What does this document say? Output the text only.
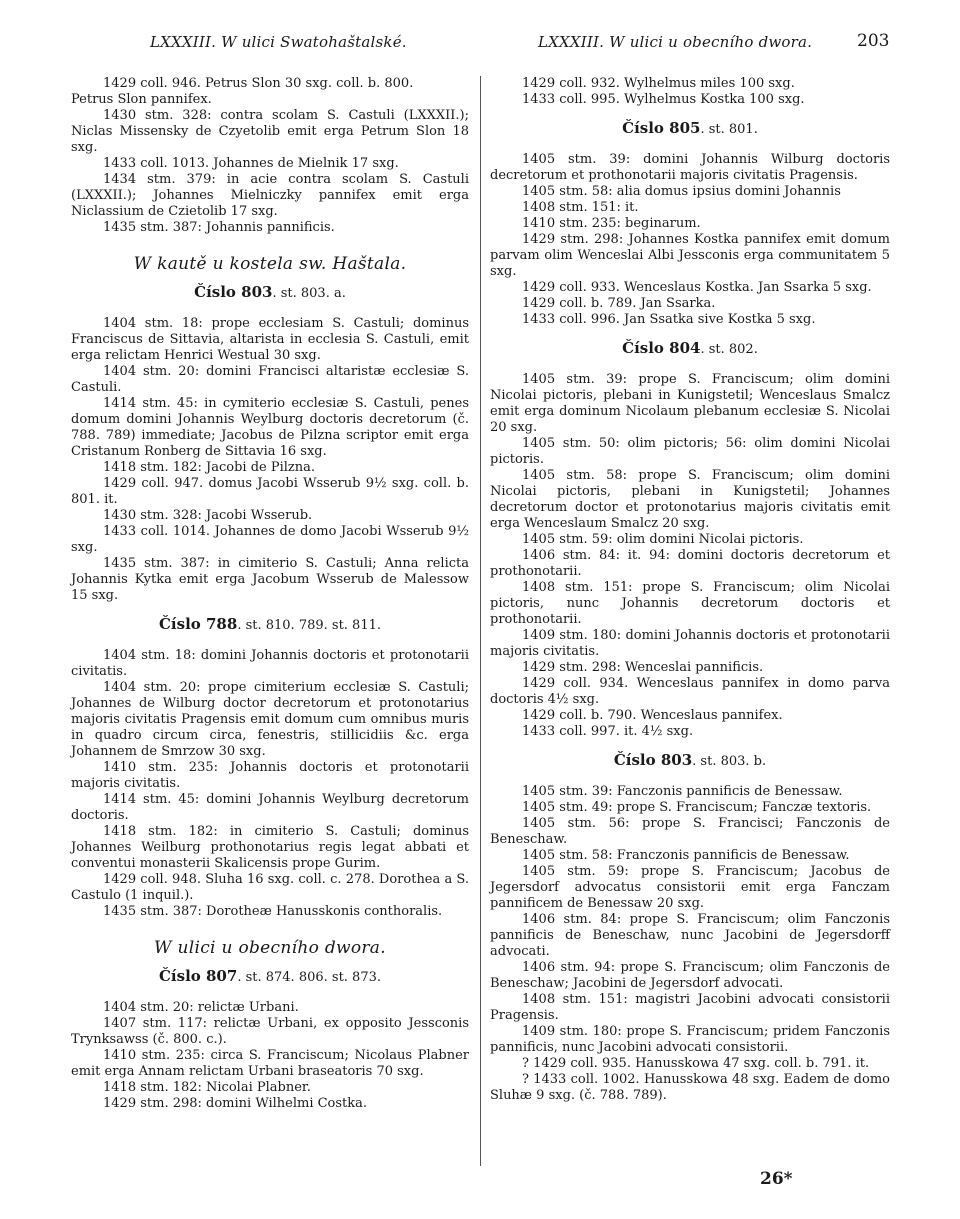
LXXXIII. W ulici Swatohaštalské.	LXXXIII. W ulici u obecního dwora.	203

1429 coll. 946. Petrus Slon 30 sxg. coll. b. 800.

Petrus Slon pannifex.

1430 stm. 328: contra scolam S. Castuli (LXXXII.); Niclas Missensky de Czyetolib emit erga Petrum Slon 18 sxg.

1433 coll. 1013. Johannes de Mielnik 17 sxg.

1434 stm. 379: in acie contra scolam S. Castuli (LXXXII.); Johannes Mielniczky pannifex emit erga Niclassium de Czietolib 17 sxg.

1435 stm. 387: Johannis pannificis.

W kautě u kostela sw. Haštala.
Číslo 803. st. 803. a.

1404 stm. 18: prope ecclesiam S. Castuli; dominus Franciscus de Sittavia, altarista in ecclesia S. Castuli, emit erga relictam Henrici Westual 30 sxg.

1404 stm. 20: domini Francisci altaristæ ecclesiæ S. Castuli.

1414 stm. 45: in cymiterio ecclesiæ S. Castuli, penes domum domini Johannis Weylburg doctoris decretorum (č. 788. 789) immediate; Jacobus de Pilzna scriptor emit erga Cristanum Ronberg de Sittavia 16 sxg.

1418 stm. 182: Jacobi de Pilzna.

1429 coll. 947. domus Jacobi Wsserub 9½ sxg. coll. b. 801. it.

1430 stm. 328: Jacobi Wsserub.

1433 coll. 1014. Johannes de domo Jacobi Wsserub 9½ sxg.

1435 stm. 387: in cimiterio S. Castuli; Anna relicta Johannis Kytka emit erga Jacobum Wsserub de Malessow 15 sxg.

Číslo 788. st. 810. 789. st. 811.

1404 stm. 18: domini Johannis doctoris et protonotarii civitatis.

1404 stm. 20: prope cimiterium ecclesiæ S. Castuli; Johannes de Wilburg doctor decretorum et protonotarius majoris civitatis Pragensis emit domum cum omnibus muris in quadro circum circa, fenestris, stillicidiis &c. erga Johannem de Smrzow 30 sxg.

1410 stm. 235: Johannis doctoris et protonotarii majoris civitatis.

1414 stm. 45: domini Johannis Weylburg decretorum doctoris.

1418 stm. 182: in cimiterio S. Castuli; dominus Johannes Weilburg prothonotarius regis legat abbati et conventui monasterii Skalicensis prope Gurim.

1429 coll. 948. Sluha 16 sxg. coll. c. 278. Dorothea a S. Castulo (1 inquil.).

1435 stm. 387: Dorotheæ Hanusskonis conthoralis.

W ulici u obecního dwora.
Číslo 807. st. 874. 806. st. 873.

1404 stm. 20: relictæ Urbani.

1407 stm. 117: relictæ Urbani, ex opposito Jessconis Trynksawss (č. 800. c.).

1410 stm. 235: circa S. Franciscum; Nicolaus Plabner emit erga Annam relictam Urbani braseatoris 70 sxg.

1418 stm. 182: Nicolai Plabner.

1429 stm. 298: domini Wilhelmi Costka.

1429 coll. 932. Wylhelmus miles 100 sxg.

1433 coll. 995. Wylhelmus Kostka 100 sxg.

Číslo 805. st. 801.

1405 stm. 39: domini Johannis Wilburg doctoris decretorum et prothonotarii majoris civitatis Pragensis.

1405 stm. 58: alia domus ipsius domini Johannis

1408 stm. 151: it.

1410 stm. 235: beginarum.

1429 stm. 298: Johannes Kostka pannifex emit domum parvam olim Wenceslai Albi Jessconis erga communitatem 5 sxg.

1429 coll. 933. Wenceslaus Kostka. Jan Ssarka 5 sxg.

1429 coll. b. 789. Jan Ssarka.

1433 coll. 996. Jan Ssatka sive Kostka 5 sxg.

Číslo 804. st. 802.

1405 stm. 39: prope S. Franciscum; olim domini Nicolai pictoris, plebani in Kunigstetil; Wenceslaus Smalcz emit erga dominum Nicolaum plebanum ecclesiæ S. Nicolai 20 sxg.

1405 stm. 50: olim pictoris; 56: olim domini Nicolai pictoris.

1405 stm. 58: prope S. Franciscum; olim domini Nicolai pictoris, plebani in Kunigstetil; Johannes decretorum doctor et protonotarius majoris civitatis emit erga Wenceslaum Smalcz 20 sxg.

1405 stm. 59: olim domini Nicolai pictoris.

1406 stm. 84: it. 94: domini doctoris decretorum et prothonotarii.

1408 stm. 151: prope S. Franciscum; olim Nicolai pictoris, nunc Johannis decretorum doctoris et prothonotarii.

1409 stm. 180: domini Johannis doctoris et protonotarii majoris civitatis.

1429 stm. 298: Wenceslai pannificis.

1429 coll. 934. Wenceslaus pannifex in domo parva doctoris 4½ sxg.

1429 coll. b. 790. Wenceslaus pannifex.

1433 coll. 997. it. 4½ sxg.

Číslo 803. st. 803. b.

1405 stm. 39: Fanczonis pannificis de Benessaw.

1405 stm. 49: prope S. Franciscum; Fanczæ textoris.

1405 stm. 56: prope S. Francisci; Fanczonis de Beneschaw.

1405 stm. 58: Franczonis pannificis de Benessaw.

1405 stm. 59: prope S. Franciscum; Jacobus de Jegersdorf advocatus consistorii emit erga Fanczam pannificem de Benessaw 20 sxg.

1406 stm. 84: prope S. Franciscum; olim Fanczonis pannificis de Beneschaw, nunc Jacobini de Jegersdorff advocati.

1406 stm. 94: prope S. Franciscum; olim Fanczonis de Beneschaw; Jacobini de Jegersdorf advocati.

1408 stm. 151: magistri Jacobini advocati consistorii Pragensis.

1409 stm. 180: prope S. Franciscum; pridem Fanczonis pannificis, nunc Jacobini advocati consistorii.

? 1429 coll. 935. Hanusskowa 47 sxg. coll. b. 791. it.

? 1433 coll. 1002. Hanusskowa 48 sxg. Eadem de domo Sluhæ 9 sxg. (č. 788. 789).

26*
